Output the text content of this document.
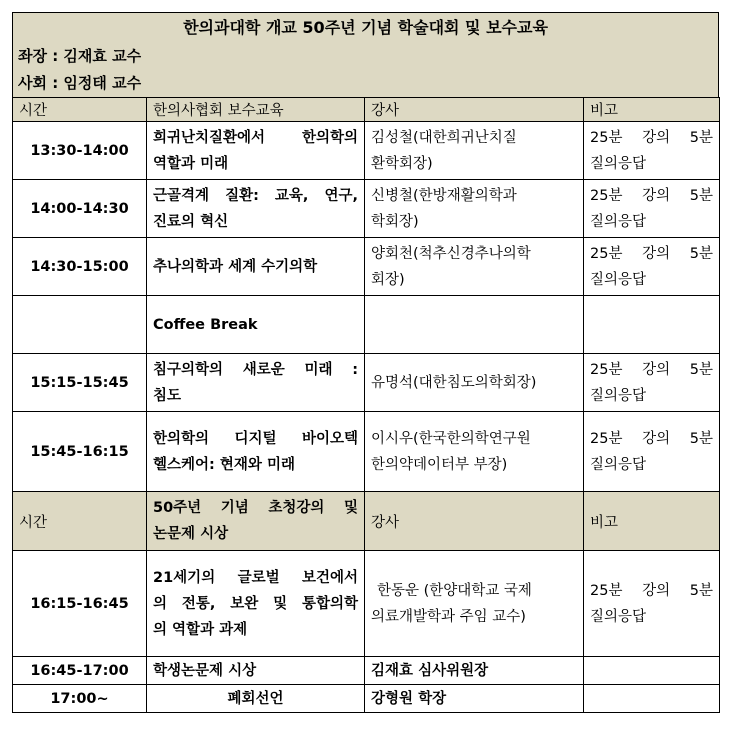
한의과대학 개교 50주년 기념 학술대회 및 보수교육
좌장 : 김재효 교수
사회 : 임정태 교수
시간	한의사협회 보수교육	강사	비고
13:30-14:00	희귀난치질환에서 한의학의
역할과 미래	김성철(대한희귀난치질
환학회장)	25분 강의 5분
질의응답
14:00-14:30	근골격계 질환: 교육, 연구,
진료의 혁신	신병철(한방재활의학과
학회장)	25분 강의 5분
질의응답
14:30-15:00	추나의학과 세계 수기의학	양회천(척추신경추나의학
회장)	25분 강의 5분
질의응답
	Coffee Break		
15:15-15:45	침구의학의 새로운 미래 :
침도	유명석(대한침도의학회장)	25분 강의 5분
질의응답
15:45-16:15	한의학의 디지털 바이오텍
헬스케어: 현재와 미래	이시우(한국한의학연구원
한의약데이터부 부장)	25분 강의 5분
질의응답
시간	50주년 기념 초청강의 및
논문제 시상	강사	비고
16:15-16:45	21세기의 글로벌 보건에서
의 전통, 보완 및 통합의학
의 역할과 과제	한동운 (한양대학교 국제
의료개발학과 주임 교수)	25분 강의 5분
질의응답
16:45-17:00	학생논문제 시상	김재효 심사위원장	
17:00~	폐회선언	강형원 학장	
